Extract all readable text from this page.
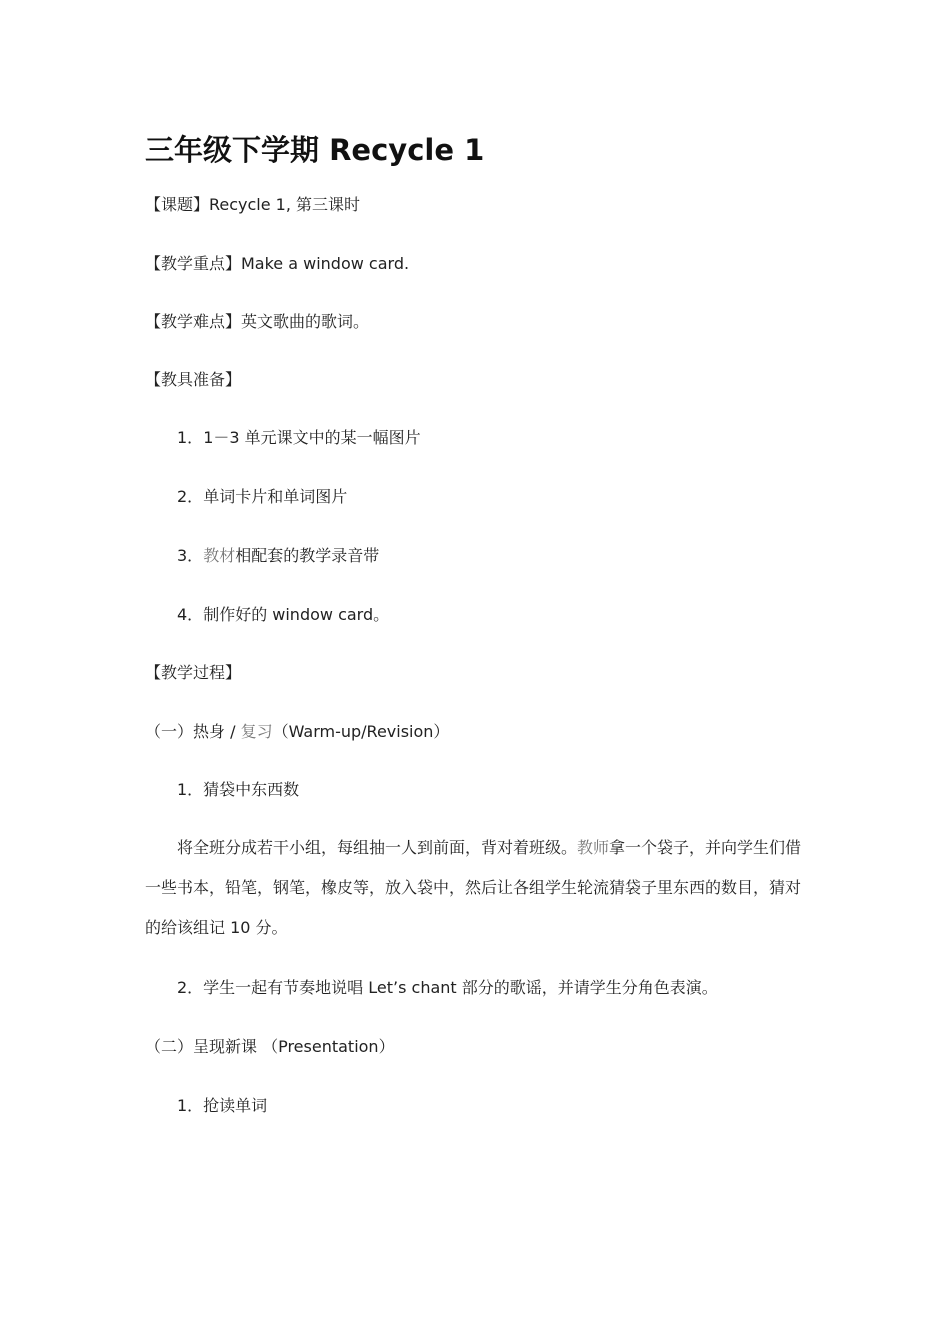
三年级下学期 Recycle 1
【课题】Recycle 1, 第三课时
【教学重点】Make a window card.
【教学难点】英文歌曲的歌词。
【教具准备】
1．1－3 单元课文中的某一幅图片
2．单词卡片和单词图片
3．教材相配套的教学录音带
4．制作好的 window card。
【教学过程】
（一）热身 / 复习（Warm-up/Revision）
1．猜袋中东西数
将全班分成若干小组，每组抽一人到前面，背对着班级。教师拿一个袋子，并向学生们借一些书本，铅笔，钢笔，橡皮等，放入袋中，然后让各组学生轮流猜袋子里东西的数目，猜对的给该组记 10 分。
2．学生一起有节奏地说唱 Let’s chant 部分的歌谣，并请学生分角色表演。
（二）呈现新课 （Presentation）
1．抢读单词
